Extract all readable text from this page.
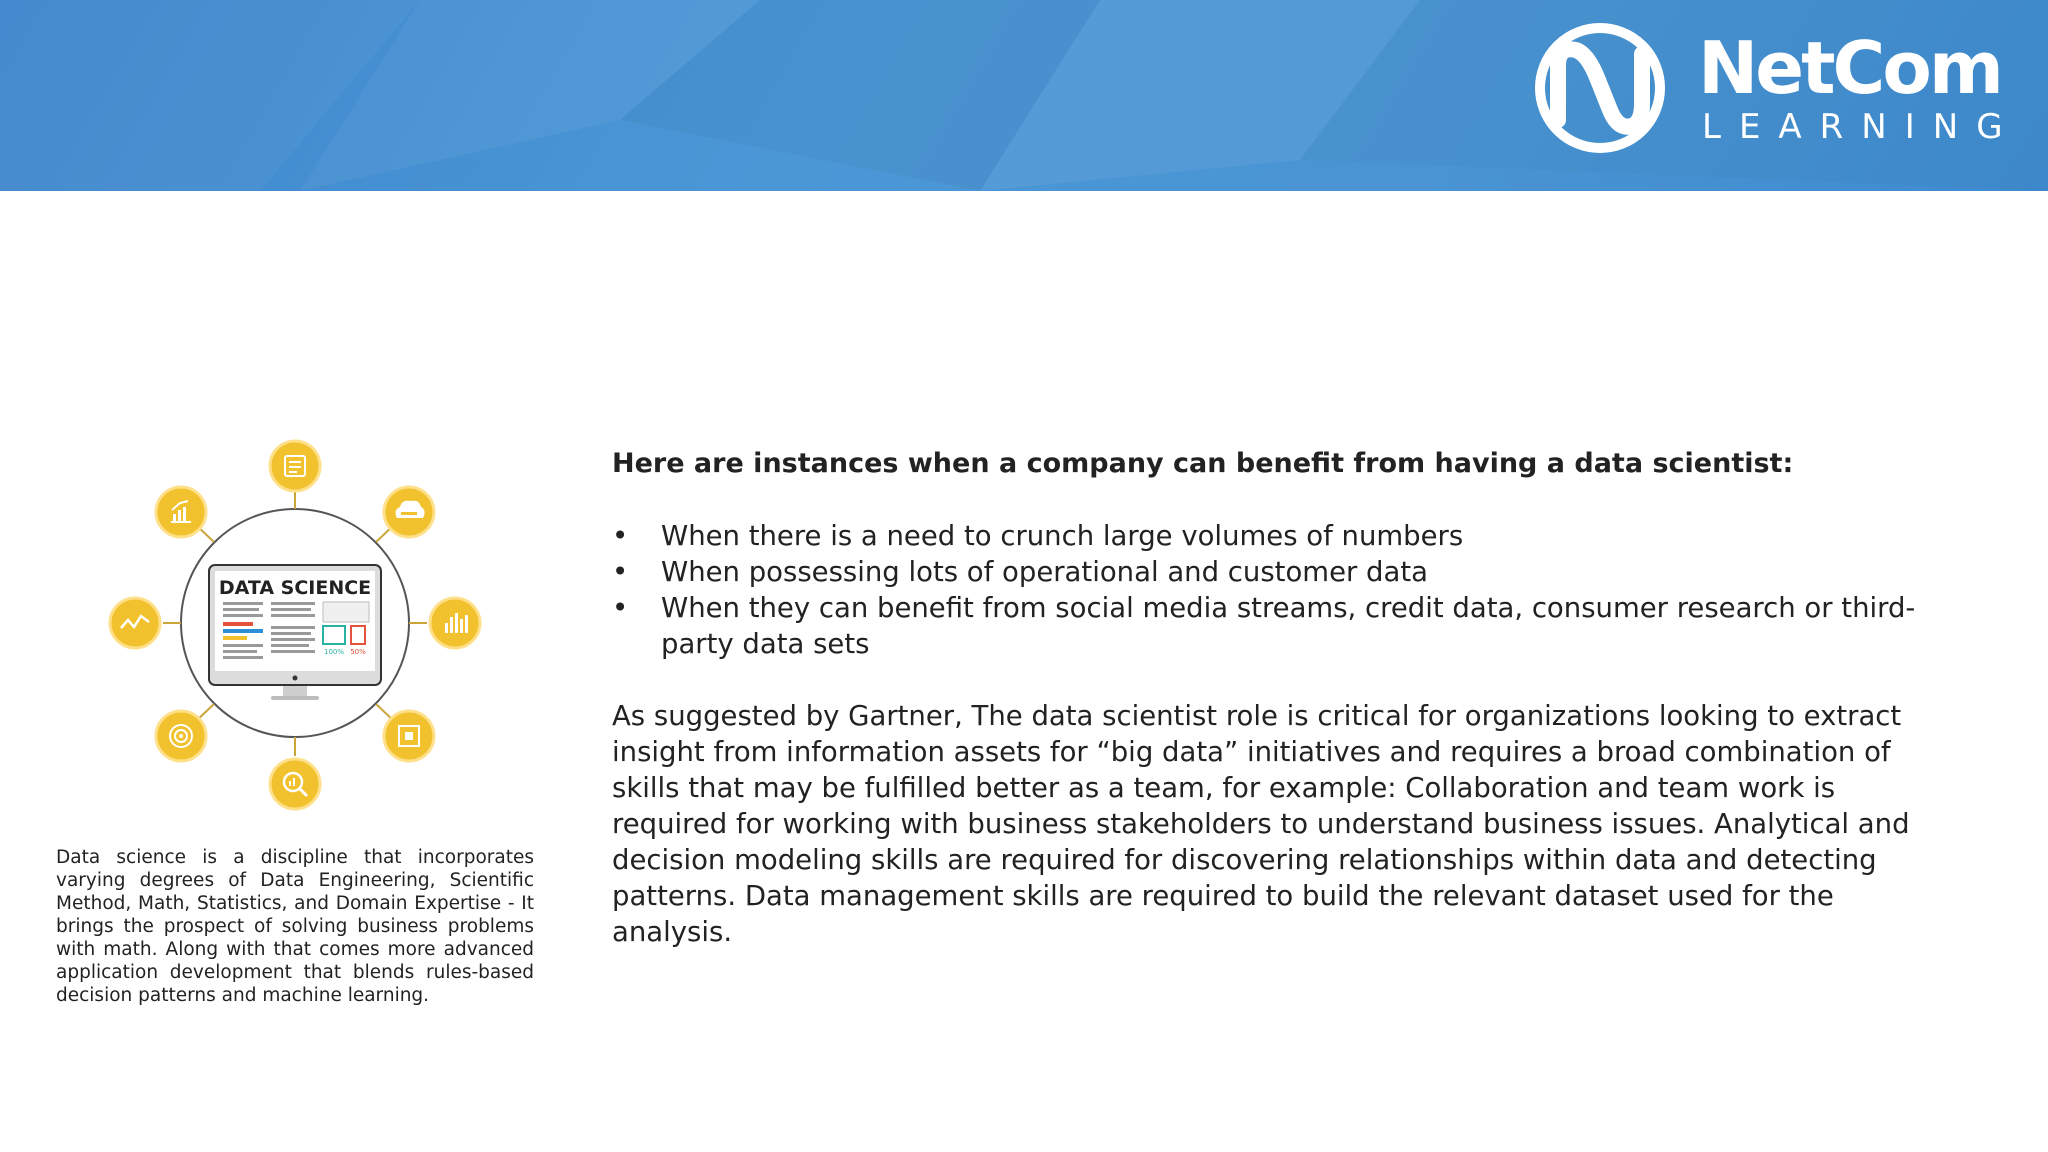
NetCom
LEARNING
DATA SCIENCE
100% 50%
Data science is a discipline that incorporates varying degrees of Data Engineering, Scientific Method, Math, Statistics, and Domain Expertise - It brings the prospect of solving business problems with math. Along with that comes more advanced application development that blends rules-based decision patterns and machine learning.
Here are instances when a company can benefit from having a data scientist:
• When there is a need to crunch large volumes of numbers
• When possessing lots of operational and customer data
• When they can benefit from social media streams, credit data, consumer research or third-party data sets

As suggested by Gartner, The data scientist role is critical for organizations looking to extract insight from information assets for “big data” initiatives and requires a broad combination of skills that may be fulfilled better as a team, for example: Collaboration and team work is required for working with business stakeholders to understand business issues. Analytical and decision modeling skills are required for discovering relationships within data and detecting patterns. Data management skills are required to build the relevant dataset used for the analysis.
